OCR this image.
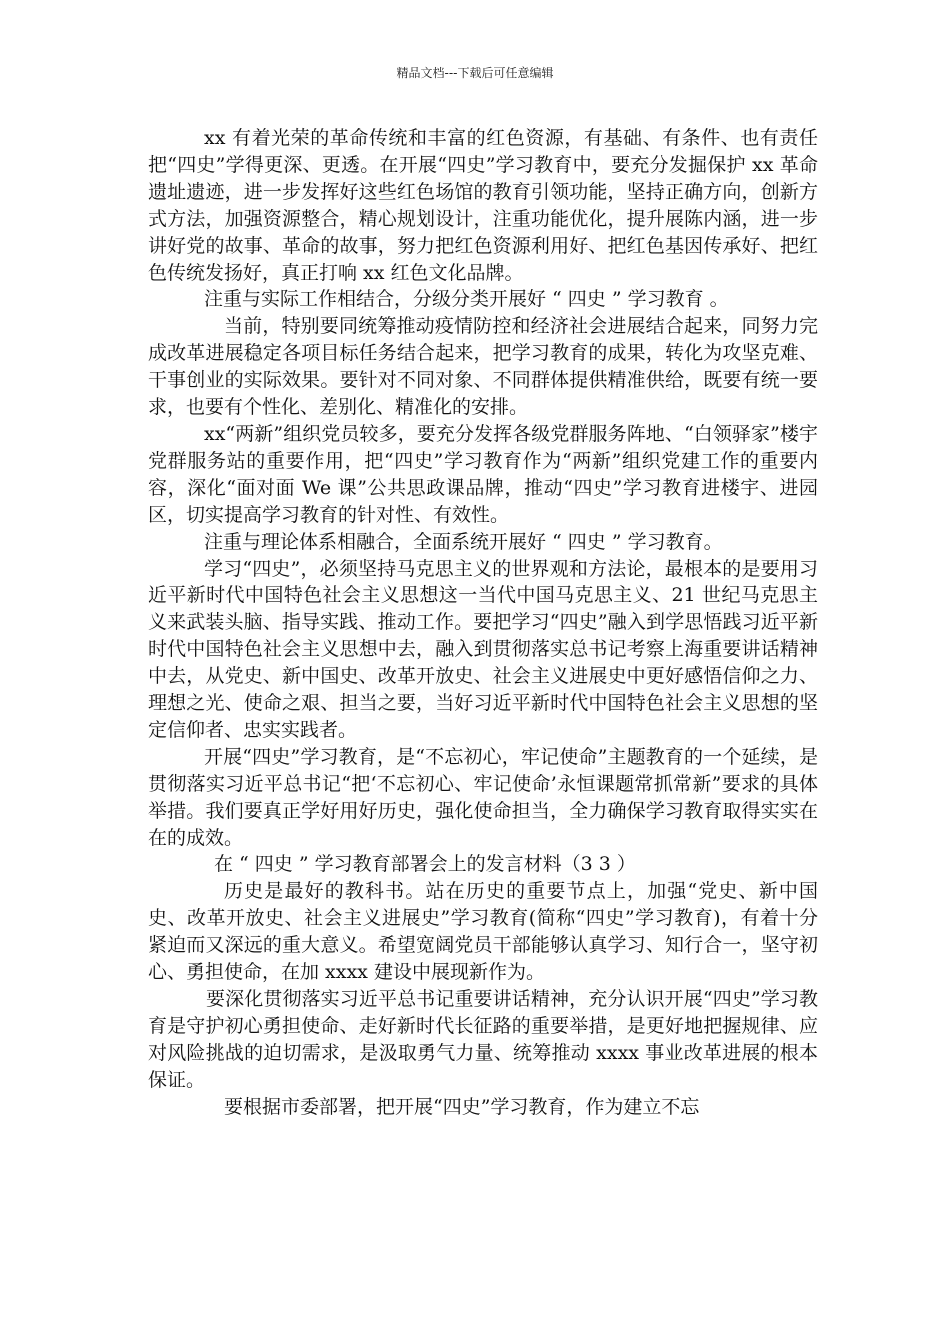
精品文档---下载后可任意编辑

xx 有着光荣的革命传统和丰富的红色资源，有基础、有条件、也有责任把“四史”学得更深、更透。在开展“四史”学习教育中，要充分发掘保护 xx 革命遗址遗迹，进一步发挥好这些红色场馆的教育引领功能，坚持正确方向，创新方式方法，加强资源整合，精心规划设计，注重功能优化，提升展陈内涵，进一步讲好党的故事、革命的故事，努力把红色资源利用好、把红色基因传承好、把红色传统发扬好，真正打响 xx 红色文化品牌。

注重与实际工作相结合，分级分类开展好 “ 四史 ” 学习教育 。

当前，特别要同统筹推动疫情防控和经济社会进展结合起来，同努力完成改革进展稳定各项目标任务结合起来，把学习教育的成果，转化为攻坚克难、干事创业的实际效果。要针对不同对象、不同群体提供精准供给，既要有统一要求，也要有个性化、差别化、精准化的安排。

xx“两新”组织党员较多，要充分发挥各级党群服务阵地、“白领驿家”楼宇党群服务站的重要作用，把“四史”学习教育作为“两新”组织党建工作的重要内容，深化“面对面 We 课”公共思政课品牌，推动“四史”学习教育进楼宇、进园区，切实提高学习教育的针对性、有效性。

注重与理论体系相融合，全面系统开展好 “ 四史 ” 学习教育。

学习“四史”，必须坚持马克思主义的世界观和方法论，最根本的是要用习近平新时代中国特色社会主义思想这一当代中国马克思主义、21 世纪马克思主义来武装头脑、指导实践、推动工作。要把学习“四史”融入到学思悟践习近平新时代中国特色社会主义思想中去，融入到贯彻落实总书记考察上海重要讲话精神中去，从党史、新中国史、改革开放史、社会主义进展史中更好感悟信仰之力、理想之光、使命之艰、担当之要，当好习近平新时代中国特色社会主义思想的坚定信仰者、忠实实践者。

开展“四史”学习教育，是“不忘初心，牢记使命”主题教育的一个延续，是贯彻落实习近平总书记“把‘不忘初心、牢记使命’永恒课题常抓常新”要求的具体举措。我们要真正学好用好历史，强化使命担当，全力确保学习教育取得实实在在的成效。

在 “ 四史 ” 学习教育部署会上的发言材料（3 3 ）

历史是最好的教科书。站在历史的重要节点上，加强“党史、新中国史、改革开放史、社会主义进展史”学习教育(简称“四史”学习教育)，有着十分紧迫而又深远的重大意义。希望宽阔党员干部能够认真学习、知行合一，坚守初心、勇担使命，在加 xxxx 建设中展现新作为。

要深化贯彻落实习近平总书记重要讲话精神，充分认识开展“四史”学习教育是守护初心勇担使命、走好新时代长征路的重要举措，是更好地把握规律、应对风险挑战的迫切需求，是汲取勇气力量、统筹推动 xxxx 事业改革进展的根本保证。

要根据市委部署，把开展“四史”学习教育，作为建立不忘
